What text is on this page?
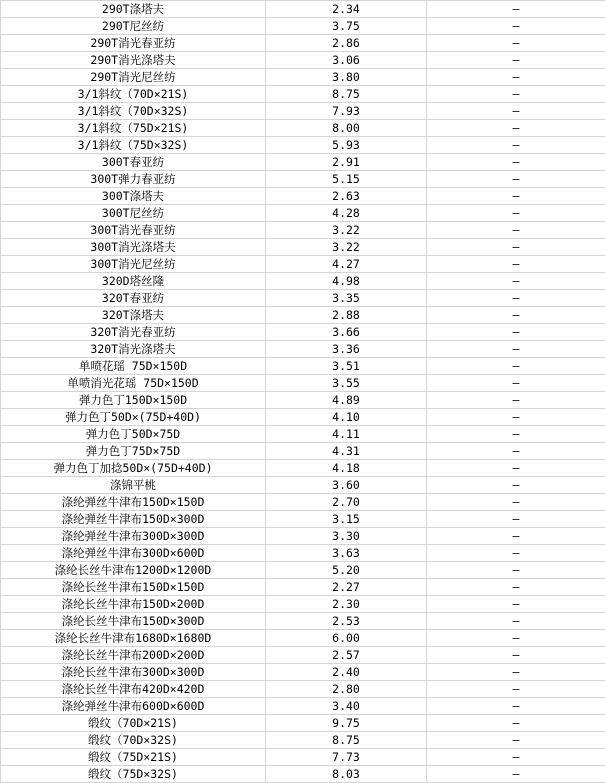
290T涤塔夫	2.34	—
290T尼丝纺	3.75	—
290T消光春亚纺	2.86	—
290T消光涤塔夫	3.06	—
290T消光尼丝纺	3.80	—
3/1斜纹（70D×21S)	8.75	—
3/1斜纹（70D×32S)	7.93	—
3/1斜纹（75D×21S)	8.00	—
3/1斜纹（75D×32S)	5.93	—
300T春亚纺	2.91	—
300T弹力春亚纺	5.15	—
300T涤塔夫	2.63	—
300T尼丝纺	4.28	—
300T消光春亚纺	3.22	—
300T消光涤塔夫	3.22	—
300T消光尼丝纺	4.27	—
320D塔丝隆	4.98	—
320T春亚纺	3.35	—
320T涤塔夫	2.88	—
320T消光春亚纺	3.66	—
320T消光涤塔夫	3.36	—
单喷花瑶 75D×150D	3.51	—
单喷消光花瑶 75D×150D	3.55	—
弹力色丁150D×150D	4.89	—
弹力色丁50D×(75D+40D)	4.10	—
弹力色丁50D×75D	4.11	—
弹力色丁75D×75D	4.31	—
弹力色丁加捻50D×(75D+40D)	4.18	—
涤锦平桃	3.60	—
涤纶弹丝牛津布150D×150D	2.70	—
涤纶弹丝牛津布150D×300D	3.15	—
涤纶弹丝牛津布300D×300D	3.30	—
涤纶弹丝牛津布300D×600D	3.63	—
涤纶长丝牛津布1200D×1200D	5.20	—
涤纶长丝牛津布150D×150D	2.27	—
涤纶长丝牛津布150D×200D	2.30	—
涤纶长丝牛津布150D×300D	2.53	—
涤纶长丝牛津布1680D×1680D	6.00	—
涤纶长丝牛津布200D×200D	2.57	—
涤纶长丝牛津布300D×300D	2.40	—
涤纶长丝牛津布420D×420D	2.80	—
涤纶弹丝牛津布600D×600D	3.40	—
缎纹（70D×21S)	9.75	—
缎纹（70D×32S)	8.75	—
缎纹（75D×21S)	7.73	—
缎纹（75D×32S)	8.03	—
